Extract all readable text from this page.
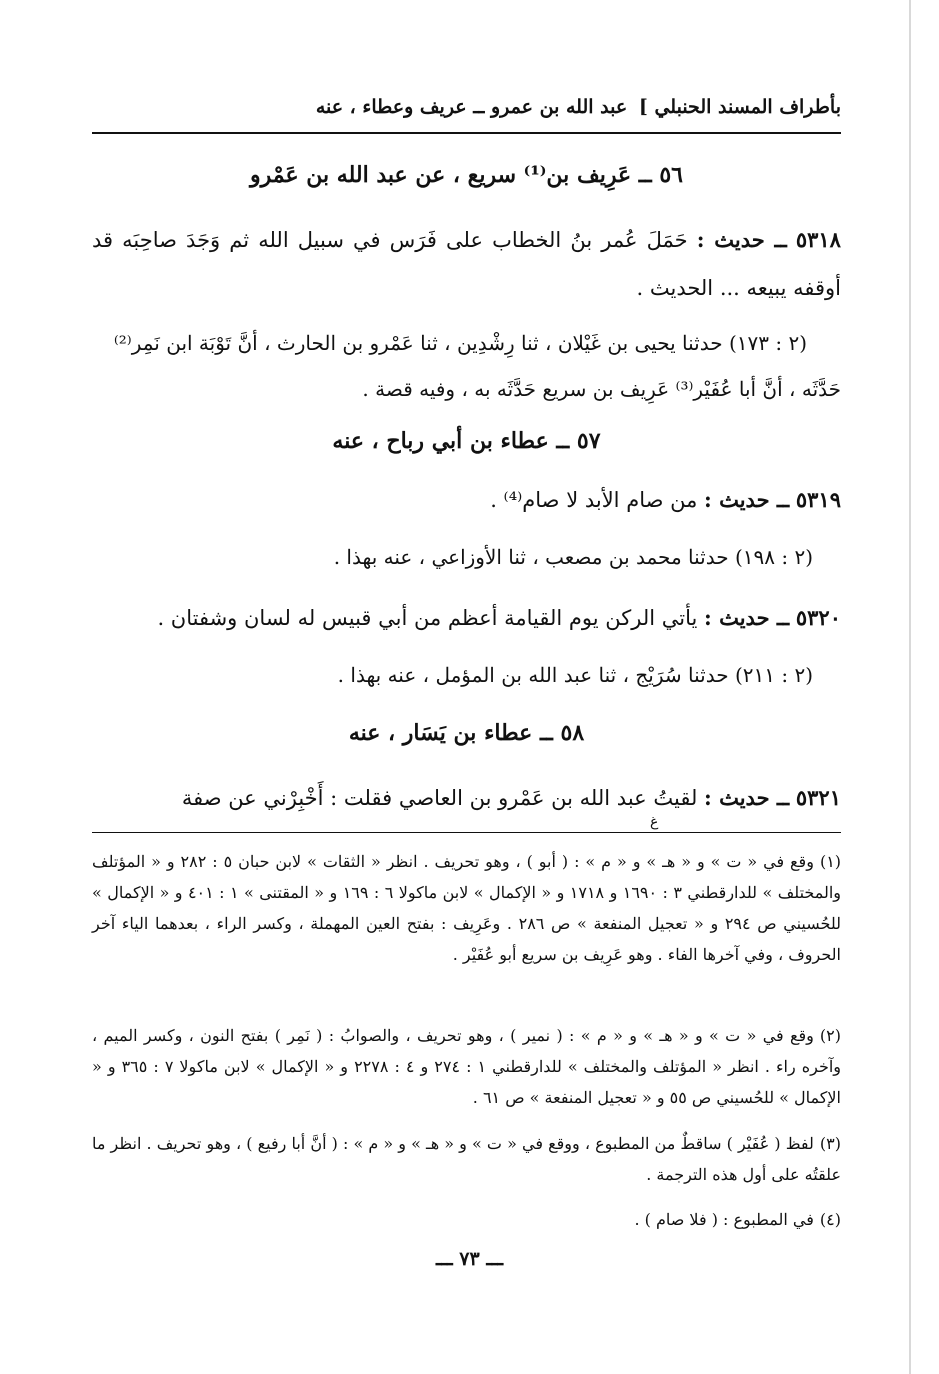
بأطراف المسند الحنبلي ]
عبد الله بن عمرو ــ عريف وعطاء ، عنه
٥٦ ــ عَرِيف بن⁽¹⁾ سريع ، عن عبد الله بن عَمْرو
٥٣١٨ ــ حديث : حَمَلَ عُمر بنُ الخطاب على فَرَس في سبيل الله ثم وَجَدَ صاحِبَه قد أوقفه يبيعه ... الحديث .
(٢ : ١٧٣) حدثنا يحيى بن غَيْلان ، ثنا رِشْدِين ، ثنا عَمْرو بن الحارث ، أنَّ تَوْبَة ابن نَمِر⁽²⁾ حَدَّثَه ، أنَّ أبا عُفَيْر⁽³⁾ عَرِيف بن سريع حَدَّثَه به ، وفيه قصة .
٥٧ ــ عطاء بن أبي رباح ، عنه
٥٣١٩ ــ حديث : من صام الأبد لا صام⁽⁴⁾ .
(٢ : ١٩٨) حدثنا محمد بن مصعب ، ثنا الأوزاعي ، عنه بهذا .
٥٣٢٠ ــ حديث : يأتي الركن يوم القيامة أعظم من أبي قبيس له لسان وشفتان .
(٢ : ٢١١) حدثنا سُرَيْج ، ثنا عبد الله بن المؤمل ، عنه بهذا .
٥٨ ــ عطاء بن يَسَار ، عنه
٥٣٢١ ــ حديث : لقيتُ عبد الله بن عَمْرو بن العاصي فقلت : أَخْبِرْني عن صفة
غ
(١)وقع في « ت » و « هـ » و « م » : ( أبو ) ، وهو تحريف . انظر « الثقات » لابن حبان ٥ : ٢٨٢ و « المؤتلف والمختلف » للدارقطني ٣ : ١٦٩٠ و ١٧١٨ و « الإكمال » لابن ماكولا ٦ : ١٦٩ و « المقتنى » ١ : ٤٠١ و « الإكمال » للحُسيني ص ٢٩٤ و « تعجيل المنفعة » ص ٢٨٦ . وعَرِيف : بفتح العين المهملة ، وكسر الراء ، بعدهما الياء آخر الحروف ، وفي آخرها الفاء . وهو عَرِيف بن سريع أبو عُفَيْر .
(٢)وقع في « ت » و « هـ » و « م » : ( نمير ) ، وهو تحريف ، والصوابُ : ( نَمِر ) بفتح النون ، وكسر الميم ، وآخره راء . انظر « المؤتلف والمختلف » للدارقطني ١ : ٢٧٤ و ٤ : ٢٢٧٨ و « الإكمال » لابن ماكولا ٧ : ٣٦٥ و « الإكمال » للحُسيني ص ٥٥ و « تعجيل المنفعة » ص ٦١ .
(٣)لفظ ( عُفَيْر ) ساقطٌ من المطبوع ، ووقع في « ت » و « هـ » و « م » : ( أنَّ أبا رفيع ) ، وهو تحريف . انظر ما علقتُه على أول هذه الترجمة .
(٤)في المطبوع : ( فلا صام ) .
ـــ ٧٣ ـــ
